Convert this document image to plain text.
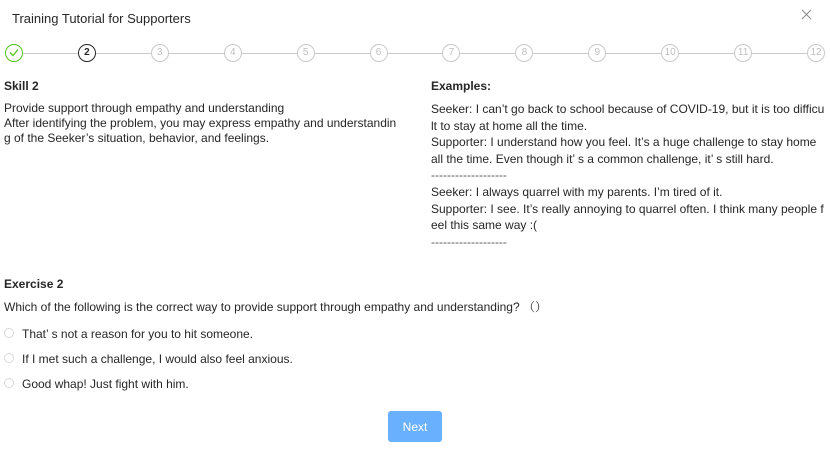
Training Tutorial for Supporters
2	3	4	5	6	7	8	9	10	11	12
Skill 2
Provide support through empathy and understanding
After identifying the problem, you may express empathy and understanding of the Seeker’s situation, behavior, and feelings.
Examples:
Seeker: I can’t go back to school because of COVID-19, but it is too difficult to stay at home all the time.
Supporter: I understand how you feel. It’s a huge challenge to stay home all the time. Even though it’ s a common challenge, it’ s still hard.
-------------------
Seeker: I always quarrel with my parents. I’m tired of it.
Supporter: I see. It’s really annoying to quarrel often. I think many people feel this same way :(
-------------------
Exercise 2
Which of the following is the correct way to provide support through empathy and understanding? （）
That’ s not a reason for you to hit someone.
If I met such a challenge, I would also feel anxious.
Good whap! Just fight with him.
Next
